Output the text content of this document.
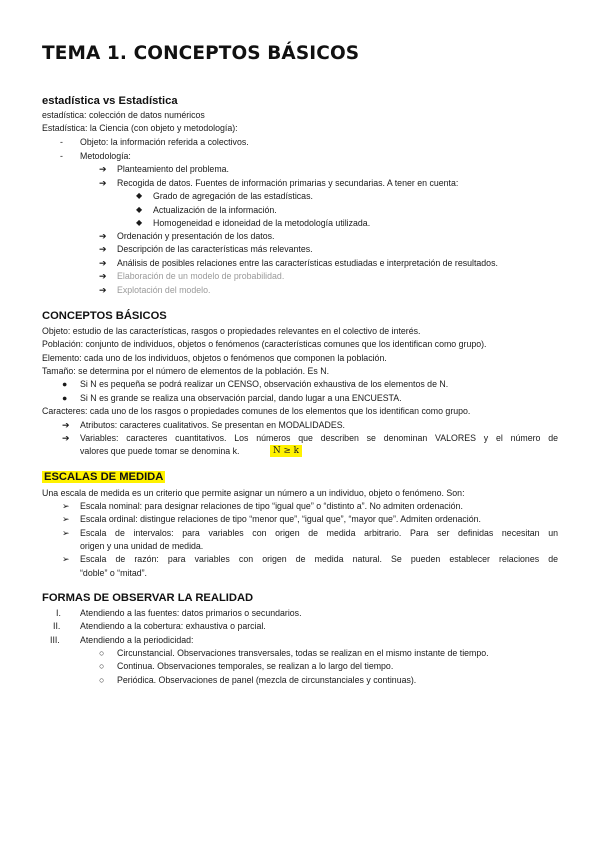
TEMA 1. CONCEPTOS BÁSICOS

estadística vs Estadística

estadística: colección de datos numéricos
Estadística: la Ciencia (con objeto y metodología):
- Objeto: la información referida a colectivos.
- Metodología:
➔
Planteamiento del problema.
➔
Recogida de datos. Fuentes de información primarias y secundarias. A tener en cuenta:
◆ Grado de agregación de las estadísticas.
◆ Actualización de la información.
◆ Homogeneidad e idoneidad de la metodología utilizada.
➔
Ordenación y presentación de los datos.
➔
Descripción de las características más relevantes.
➔
Análisis de posibles relaciones entre las características estudiadas e interpretación de resultados.
➔
Elaboración de un modelo de probabilidad.
➔
Explotación del modelo.

CONCEPTOS BÁSICOS

Objeto: estudio de las características, rasgos o propiedades relevantes en el colectivo de interés.
Población: conjunto de individuos, objetos o fenómenos (características comunes que los identifican como grupo).
Elemento: cada uno de los individuos, objetos o fenómenos que componen la población.
Tamaño: se determina por el número de elementos de la población. Es N.
● Si N es pequeña se podrá realizar un CENSO, observación exhaustiva de los elementos de N.
● Si N es grande se realiza una observación parcial, dando lugar a una ENCUESTA.
Caracteres: cada uno de los rasgos o propiedades comunes de los elementos que los identifican como grupo.
➔
Atributos: caracteres cualitativos. Se presentan en MODALIDADES.
➔
Variables: caracteres cuantitativos. Los números que describen se denominan VALORES y el número de
valores que puede tomar se denomina k.	N ≥ k

ESCALAS DE MEDIDA

Una escala de medida es un criterio que permite asignar un número a un individuo, objeto o fenómeno. Son:
➢ Escala nominal: para designar relaciones de tipo “igual que” o “distinto a”. No admiten ordenación.
➢ Escala ordinal: distingue relaciones de tipo “menor que”, “igual que”, “mayor que”. Admiten ordenación.
➢ Escala de intervalos: para variables con origen de medida arbitrario. Para ser definidas necesitan un
origen y una unidad de medida.
➢ Escala de razón: para variables con origen de medida natural. Se pueden establecer relaciones de
“doble” o “mitad”.

FORMAS DE OBSERVAR LA REALIDAD

I. Atendiendo a las fuentes: datos primarios o secundarios.
II. Atendiendo a la cobertura: exhaustiva o parcial.
III. Atendiendo a la periodicidad:
○ Circunstancial. Observaciones transversales, todas se realizan en el mismo instante de tiempo.
○ Continua. Observaciones temporales, se realizan a lo largo del tiempo.
○ Periódica. Observaciones de panel (mezcla de circunstanciales y continuas).
